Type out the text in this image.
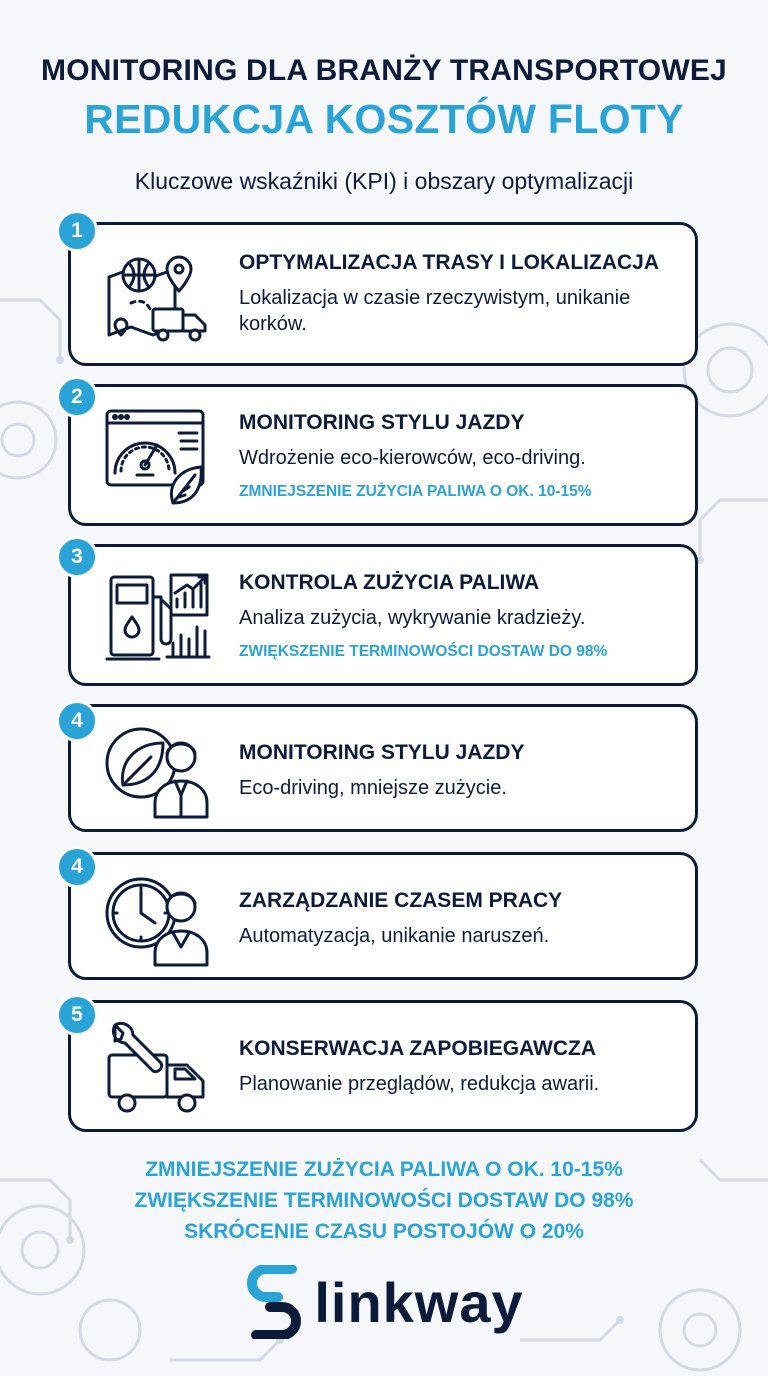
MONITORING DLA BRANŻY TRANSPORTOWEJ
REDUKCJA KOSZTÓW FLOTY
Kluczowe wskaźniki (KPI) i obszary optymalizacji
OPTYMALIZACJA TRASY I LOKALIZACJA
Lokalizacja w czasie rzeczywistym, unikanie korków.
1
MONITORING STYLU JAZDY
Wdrożenie eco-kierowców, eco-driving.
ZMNIEJSZENIE ZUŻYCIA PALIWA O OK. 10-15%
2
KONTROLA ZUŻYCIA PALIWA
Analiza zużycia, wykrywanie kradzieży.
ZWIĘKSZENIE TERMINOWOŚCI DOSTAW DO 98%
3
MONITORING STYLU JAZDY
Eco-driving, mniejsze zużycie.
4
ZARZĄDZANIE CZASEM PRACY
Automatyzacja, unikanie naruszeń.
4
KONSERWACJA ZAPOBIEGAWCZA
Planowanie przeglądów, redukcja awarii.
5
ZMNIEJSZENIE ZUŻYCIA PALIWA O OK. 10-15%
ZWIĘKSZENIE TERMINOWOŚCI DOSTAW DO 98%
SKRÓCENIE CZASU POSTOJÓW O 20%
linkway
